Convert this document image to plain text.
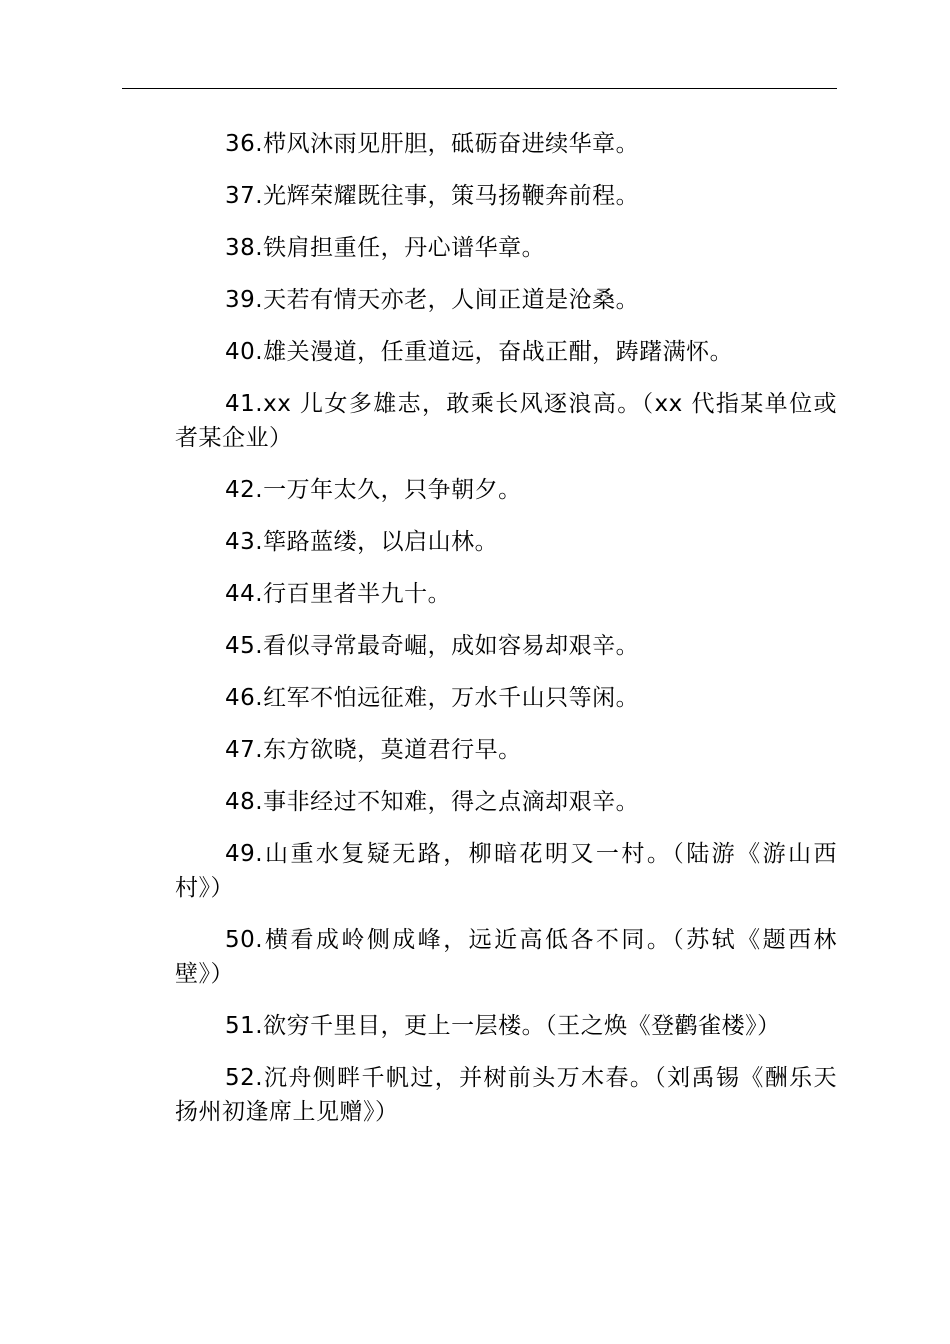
36.栉风沐雨见肝胆，砥砺奋进续华章。

37.光辉荣耀既往事，策马扬鞭奔前程。

38.铁肩担重任，丹心谱华章。

39.天若有情天亦老，人间正道是沧桑。

40.雄关漫道，任重道远，奋战正酣，踌躇满怀。

41.xx 儿女多雄志，敢乘长风逐浪高。（xx 代指某单位或者某企业）

42.一万年太久，只争朝夕。

43.筚路蓝缕，以启山林。

44.行百里者半九十。

45.看似寻常最奇崛，成如容易却艰辛。

46.红军不怕远征难，万水千山只等闲。

47.东方欲晓，莫道君行早。

48.事非经过不知难，得之点滴却艰辛。

49.山重水复疑无路，柳暗花明又一村。（陆游《游山西村》）

50.横看成岭侧成峰，远近高低各不同。（苏轼《题西林壁》）

51.欲穷千里目，更上一层楼。（王之焕《登鹳雀楼》）

52.沉舟侧畔千帆过，并树前头万木春。（刘禹锡《酬乐天扬州初逢席上见赠》）
